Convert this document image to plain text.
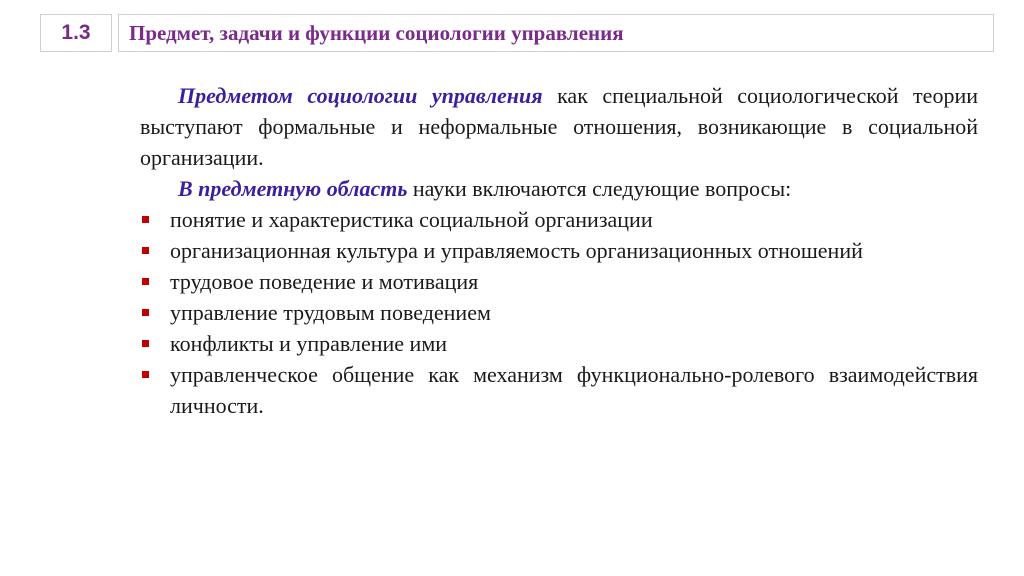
1.3 Предмет, задачи и функции социологии управления

Предметом социологии управления как специальной социологической теории выступают формальные и неформальные отношения, возникающие в социальной организации.

В предметную область науки включаются следующие вопросы:

понятие и характеристика социальной организации
организационная культура и управляемость организационных отношений
трудовое поведение и мотивация
управление трудовым поведением
конфликты и управление ими
управленческое общение как механизм функционально-ролевого взаимодействия личности.
